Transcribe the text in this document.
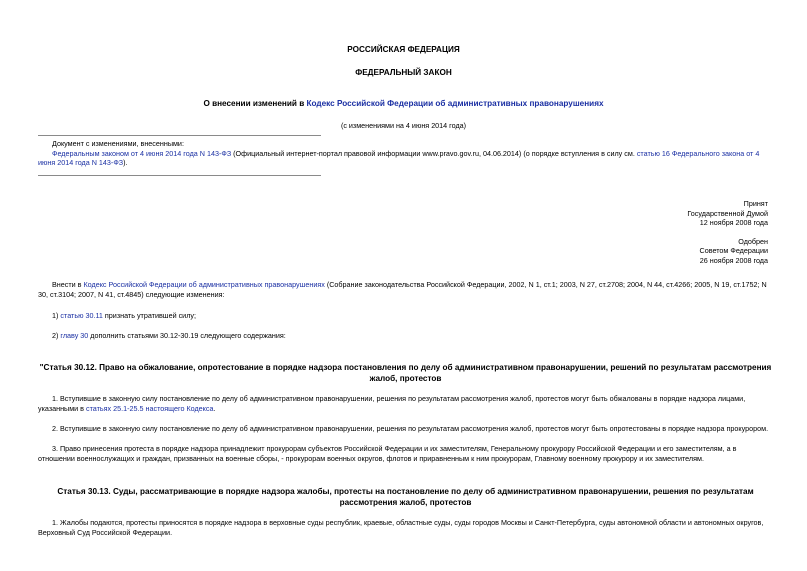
РОССИЙСКАЯ ФЕДЕРАЦИЯ
ФЕДЕРАЛЬНЫЙ ЗАКОН
О внесении изменений в Кодекс Российской Федерации об административных правонарушениях
(с изменениями на 4 июня 2014 года)
Документ с изменениями, внесенными:
Федеральным законом от 4 июня 2014 года N 143-ФЗ (Официальный интернет-портал правовой информации www.pravo.gov.ru, 04.06.2014) (о порядке вступления в силу см. статью 16 Федерального закона от 4 июня 2014 года N 143-ФЗ).
Принят
Государственной Думой
12 ноября 2008 года
Одобрен
Советом Федерации
26 ноября 2008 года
Внести в Кодекс Российской Федерации об административных правонарушениях (Собрание законодательства Российской Федерации, 2002, N 1, ст.1; 2003, N 27, ст.2708; 2004, N 44, ст.4266; 2005, N 19, ст.1752; N 30, ст.3104; 2007, N 41, ст.4845) следующие изменения:
1) статью 30.11 признать утратившей силу;
2) главу 30 дополнить статьями 30.12-30.19 следующего содержания:
"Статья 30.12. Право на обжалование, опротестование в порядке надзора постановления по делу об административном правонарушении, решений по результатам рассмотрения жалоб, протестов
1. Вступившие в законную силу постановление по делу об административном правонарушении, решения по результатам рассмотрения жалоб, протестов могут быть обжалованы в порядке надзора лицами, указанными в статьях 25.1-25.5 настоящего Кодекса.
2. Вступившие в законную силу постановление по делу об административном правонарушении, решения по результатам рассмотрения жалоб, протестов могут быть опротестованы в порядке надзора прокурором.
3. Право принесения протеста в порядке надзора принадлежит прокурорам субъектов Российской Федерации и их заместителям, Генеральному прокурору Российской Федерации и его заместителям, а в отношении военнослужащих и граждан, призванных на военные сборы, - прокурорам военных округов, флотов и приравненным к ним прокурорам, Главному военному прокурору и их заместителям.
Статья 30.13. Суды, рассматривающие в порядке надзора жалобы, протесты на постановление по делу об административном правонарушении, решения по результатам рассмотрения жалоб, протестов
1. Жалобы подаются, протесты приносятся в порядке надзора в верховные суды республик, краевые, областные суды, суды городов Москвы и Санкт-Петербурга, суды автономной области и автономных округов, Верховный Суд Российской Федерации.
